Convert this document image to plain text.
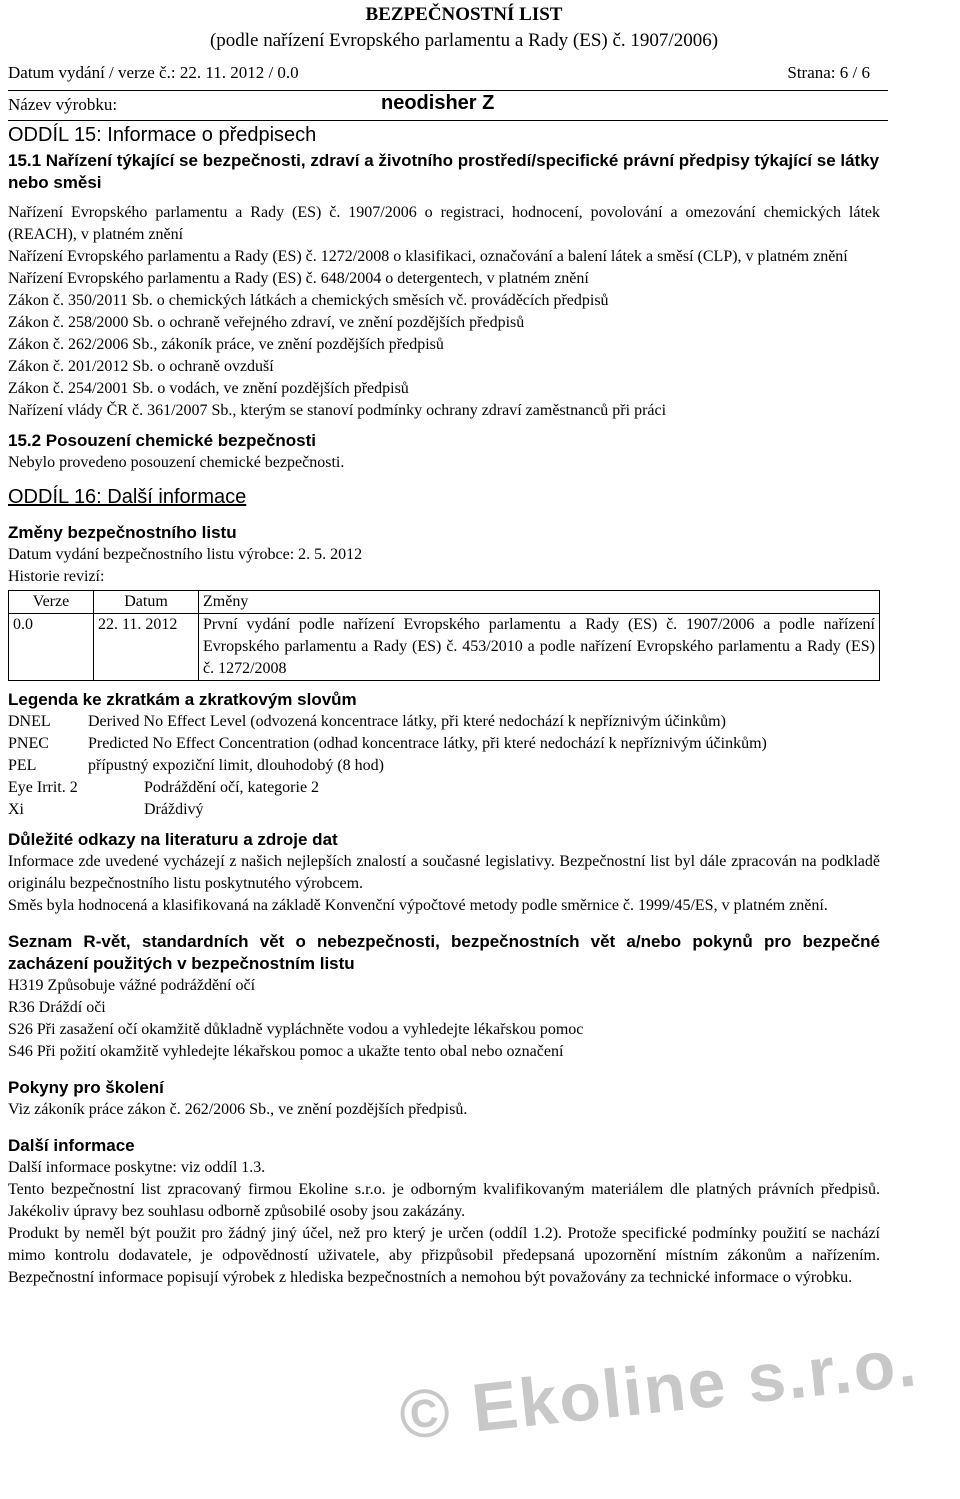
BEZPEČNOSTNÍ LIST
(podle nařízení Evropského parlamentu a Rady (ES) č. 1907/2006)
Datum vydání / verze č.: 22. 11. 2012 / 0.0	Strana: 6 / 6
Název výrobku:	neodisher Z
ODDÍL 15: Informace o předpisech
15.1 Nařízení týkající se bezpečnosti, zdraví a životního prostředí/specifické právní předpisy týkající se látky nebo směsi

Nařízení Evropského parlamentu a Rady (ES) č. 1907/2006 o registraci, hodnocení, povolování a omezování chemických látek (REACH), v platném znění

Nařízení Evropského parlamentu a Rady (ES) č. 1272/2008 o klasifikaci, označování a balení látek a směsí (CLP), v platném znění

Nařízení Evropského parlamentu a Rady (ES) č. 648/2004 o detergentech, v platném znění

Zákon č. 350/2011 Sb. o chemických látkách a chemických směsích vč. prováděcích předpisů

Zákon č. 258/2000 Sb. o ochraně veřejného zdraví, ve znění pozdějších předpisů

Zákon č. 262/2006 Sb., zákoník práce, ve znění pozdějších předpisů

Zákon č. 201/2012 Sb. o ochraně ovzduší

Zákon č. 254/2001 Sb. o vodách, ve znění pozdějších předpisů

Nařízení vlády ČR č. 361/2007 Sb., kterým se stanoví podmínky ochrany zdraví zaměstnanců při práci

15.2 Posouzení chemické bezpečnosti

Nebylo provedeno posouzení chemické bezpečnosti.

ODDÍL 16: Další informace
Změny bezpečnostního listu

Datum vydání bezpečnostního listu výrobce: 2. 5. 2012

Historie revizí:

Verze	Datum	Změny
0.0	22. 11. 2012	První vydání podle nařízení Evropského parlamentu a Rady (ES) č. 1907/2006 a podle nařízení Evropského parlamentu a Rady (ES) č. 453/2010 a podle nařízení Evropského parlamentu a Rady (ES) č. 1272/2008
Legenda ke zkratkám a zkratkovým slovům
DNEL	Derived No Effect Level (odvozená koncentrace látky, při které nedochází k nepříznivým účinkům)
PNEC	Predicted No Effect Concentration (odhad koncentrace látky, při které nedochází k nepříznivým účinkům)
PEL	přípustný expoziční limit, dlouhodobý (8 hod)
Eye Irrit. 2	Podráždění očí, kategorie 2
Xi	Dráždivý
Důležité odkazy na literaturu a zdroje dat

Informace zde uvedené vycházejí z našich nejlepších znalostí a současné legislativy. Bezpečnostní list byl dále zpracován na podkladě originálu bezpečnostního listu poskytnutého výrobcem.

Směs byla hodnocená a klasifikovaná na základě Konvenční výpočtové metody podle směrnice č. 1999/45/ES, v platném znění.

Seznam R-vět, standardních vět o nebezpečnosti, bezpečnostních vět a/nebo pokynů pro bezpečné zacházení použitých v bezpečnostním listu

H319 Způsobuje vážné podráždění očí

R36 Dráždí oči

S26 Při zasažení očí okamžitě důkladně vypláchněte vodou a vyhledejte lékařskou pomoc

S46 Při požití okamžitě vyhledejte lékařskou pomoc a ukažte tento obal nebo označení

Pokyny pro školení

Viz zákoník práce zákon č. 262/2006 Sb., ve znění pozdějších předpisů.

Další informace

Další informace poskytne: viz oddíl 1.3.

Tento bezpečnostní list zpracovaný firmou Ekoline s.r.o. je odborným kvalifikovaným materiálem dle platných právních předpisů. Jakékoliv úpravy bez souhlasu odborně způsobilé osoby jsou zakázány.

Produkt by neměl být použit pro žádný jiný účel, než pro který je určen (oddíl 1.2). Protože specifické podmínky použití se nachází mimo kontrolu dodavatele, je odpovědností uživatele, aby přizpůsobil předepsaná upozornění místním zákonům a nařízením. Bezpečnostní informace popisují výrobek z hlediska bezpečnostních a nemohou být považovány za technické informace o výrobku.

© Ekoline s.r.o.
